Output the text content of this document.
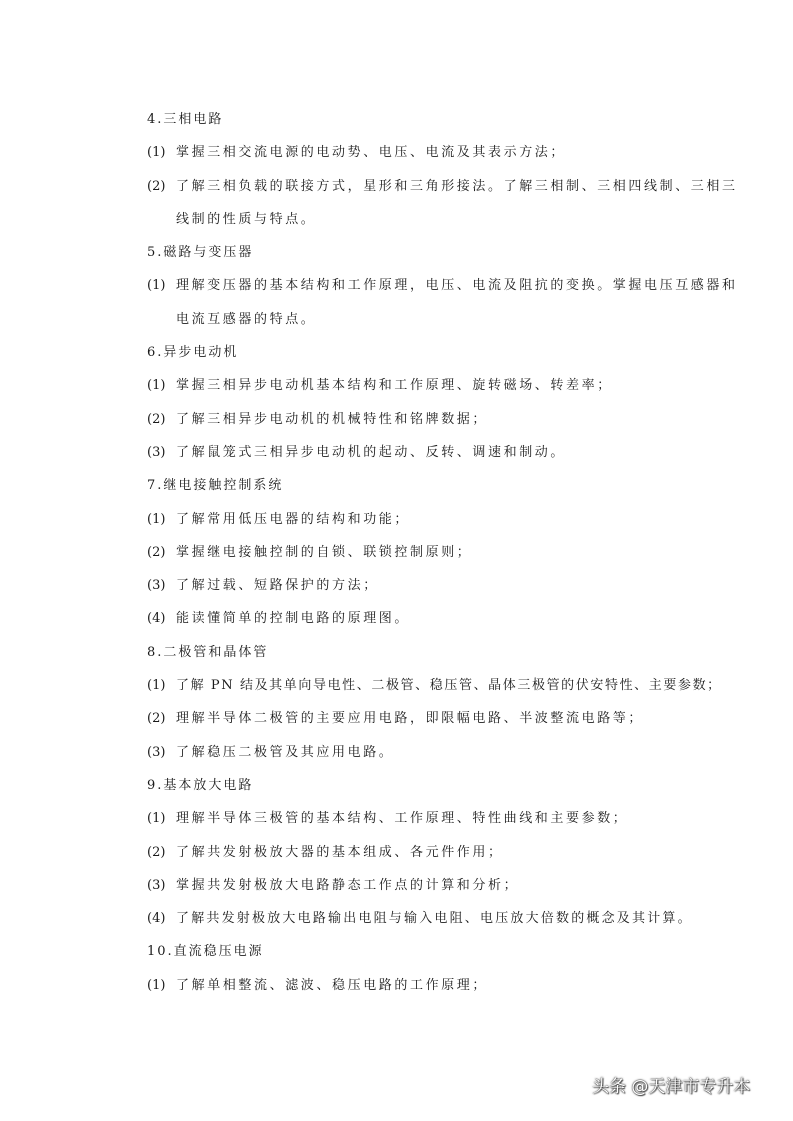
4.三相电路
(1) 掌握三相交流电源的电动势、电压、电流及其表示方法；
(2) 了解三相负载的联接方式，星形和三角形接法。了解三相制、三相四线制、三相三
线制的性质与特点。
5.磁路与变压器
(1) 理解变压器的基本结构和工作原理，电压、电流及阻抗的变换。掌握电压互感器和
电流互感器的特点。
6.异步电动机
(1) 掌握三相异步电动机基本结构和工作原理、旋转磁场、转差率；
(2) 了解三相异步电动机的机械特性和铭牌数据；
(3) 了解鼠笼式三相异步电动机的起动、反转、调速和制动。
7.继电接触控制系统
(1) 了解常用低压电器的结构和功能；
(2) 掌握继电接触控制的自锁、联锁控制原则；
(3) 了解过载、短路保护的方法；
(4) 能读懂简单的控制电路的原理图。
8.二极管和晶体管
(1) 了解 PN 结及其单向导电性、二极管、稳压管、晶体三极管的伏安特性、主要参数；
(2) 理解半导体二极管的主要应用电路，即限幅电路、半波整流电路等；
(3) 了解稳压二极管及其应用电路。
9.基本放大电路
(1) 理解半导体三极管的基本结构、工作原理、特性曲线和主要参数；
(2) 了解共发射极放大器的基本组成、各元件作用；
(3) 掌握共发射极放大电路静态工作点的计算和分析；
(4) 了解共发射极放大电路输出电阻与输入电阻、电压放大倍数的概念及其计算。
10.直流稳压电源
(1) 了解单相整流、滤波、稳压电路的工作原理；
头条 @天津市专升本
